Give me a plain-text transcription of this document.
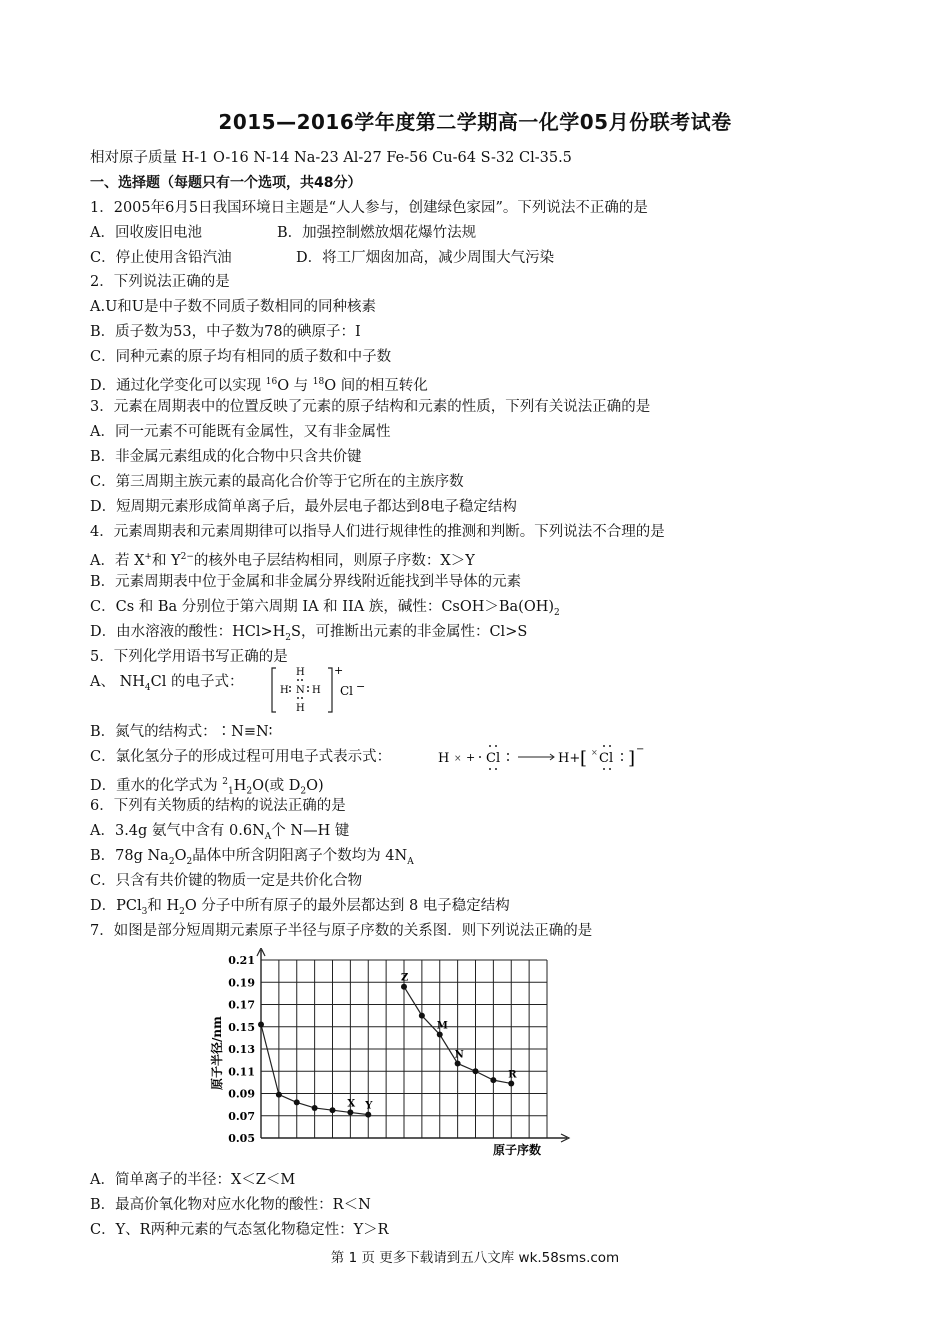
2015—2016学年度第二学期高一化学05月份联考试卷
相对原子质量 H-1 O-16 N-14 Na-23 Al-27 Fe-56 Cu-64 S-32 Cl-35.5
一、选择题（每题只有一个选项，共48分）
1．2005年6月5日我国环境日主题是“人人参与，创建绿色家园”。下列说法不正确的是
A．回收废旧电池	B．加强控制燃放烟花爆竹法规
C．停止使用含铅汽油	D．将工厂烟囱加高，减少周围大气污染
2．下列说法正确的是
A.U和U是中子数不同质子数相同的同种核素
B．质子数为53，中子数为78的碘原子：I
C．同种元素的原子均有相同的质子数和中子数
D．通过化学变化可以实现 $^{16}$O 与 $^{18}$O 间的相互转化
3．元素在周期表中的位置反映了元素的原子结构和元素的性质，下列有关说法正确的是
A．同一元素不可能既有金属性，又有非金属性
B．非金属元素组成的化合物中只含共价键
C．第三周期主族元素的最高化合价等于它所在的主族序数
D．短周期元素形成简单离子后，最外层电子都达到8电子稳定结构
4．元素周期表和元素周期律可以指导人们进行规律性的推测和判断。下列说法不合理的是
A．若 X+和 $Y^{2-}$的核外电子层结构相同，则原子序数：X＞Y
B．元素周期表中位于金属和非金属分界线附近能找到半导体的元素
C．Cs 和 Ba 分别位于第六周期 IA 和 IIA 族，碱性：$CsOH>Ba(OH)_2$
D．由水溶液的酸性：$HCl>H_2S$，可推断出元素的非金属性：Cl>S
5．下列化学用语书写正确的是
A、 $NH_4Cl$ 的电子式：
H
H N H
H
+
Cl −
B．氮气的结构式：∶N≡N∶
C．氯化氢分子的形成过程可用电子式表示式：	H × + Cl	H+ [ × Cl ] −
D．重水的化学式为 $^2_1H_2O$(或 $D_2O$)
6．下列有关物质的结构的说法正确的是
A．3.4g 氨气中含有 $0.6N_A$个 N—H 键
B．78g $Na_2O_2$晶体中所含阴阳离子个数均为 $4N_A$
C．只含有共价键的物质一定是共价化合物
D．PCl$_3$和 $H_2O$ 分子中所有原子的最外层都达到 8 电子稳定结构
7．如图是部分短周期元素原子半径与原子序数的关系图．则下列说法正确的是
0.21
0.19
0.17
0.15
0.13
0.11
0.09
0.07
0.05
X Y
Z
M
N
R
原子半径/nm
原子序数
A．简单离子的半径：X＜Z＜M
B．最高价氧化物对应水化物的酸性：R＜N
C．Y、R两种元素的气态氢化物稳定性：Y＞R
第 1 页 更多下载请到五八文库 wk.58sms.com
